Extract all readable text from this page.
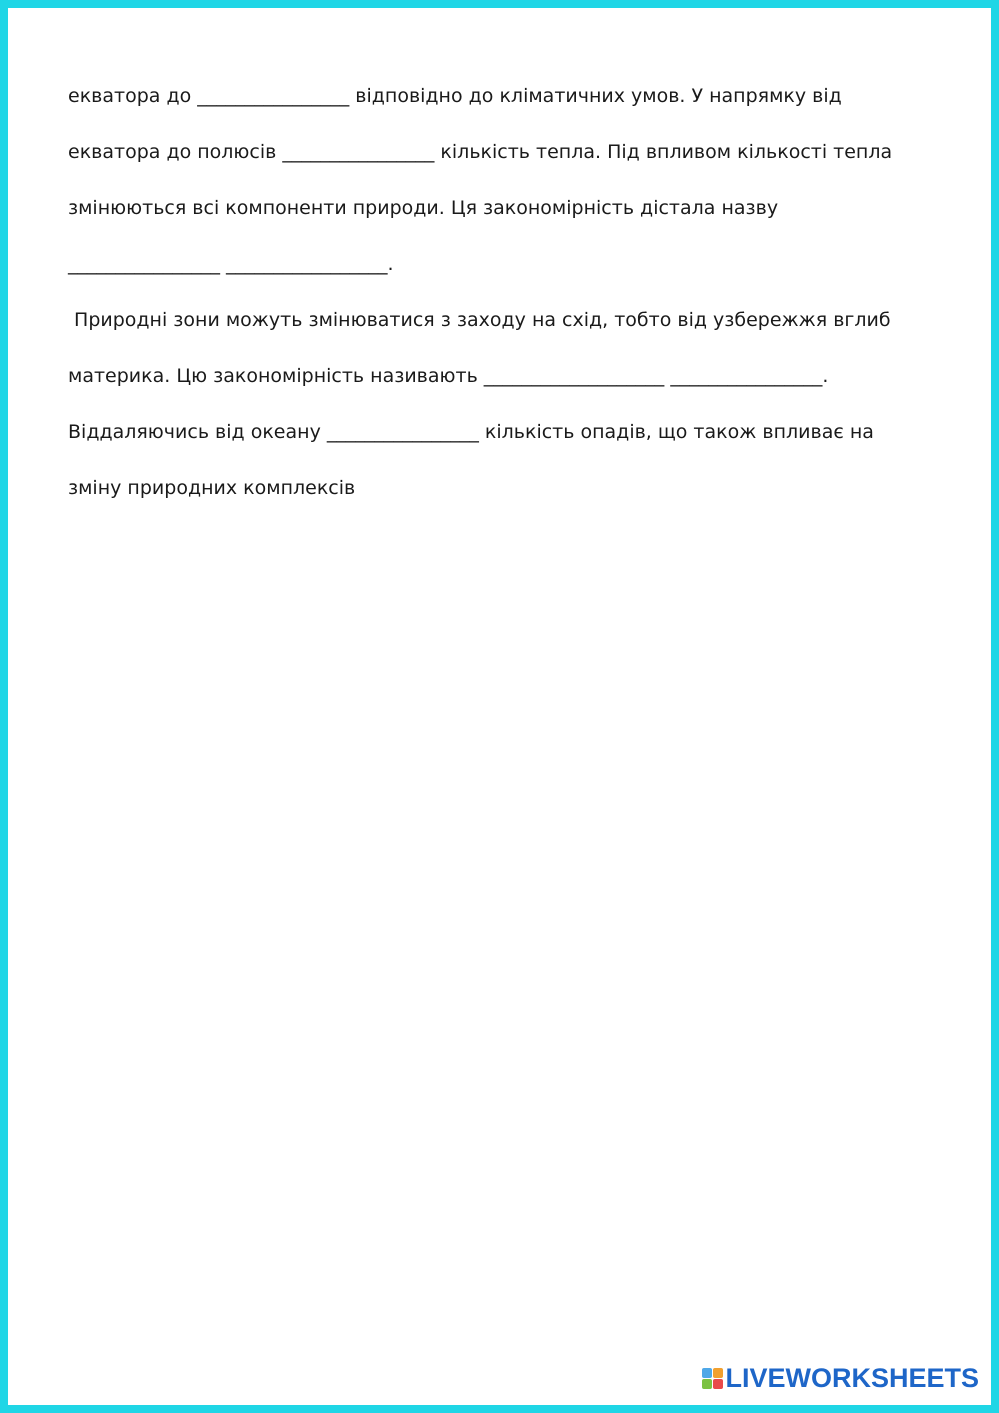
екватора до ________________ відповідно до кліматичних умов. У напрямку від
екватора до полюсів ________________ кількість тепла. Під впливом кількості тепла
змінюються всі компоненти природи. Ця закономірність дістала назву
________________ _________________.
Природні зони можуть змінюватися з заходу на схід, тобто від узбережжя вглиб
материка. Цю закономірність називають ___________________ ________________.
Віддаляючись від океану ________________ кількість опадів, що також впливає на
зміну природних комплексів
LIVEWORKSHEETS
